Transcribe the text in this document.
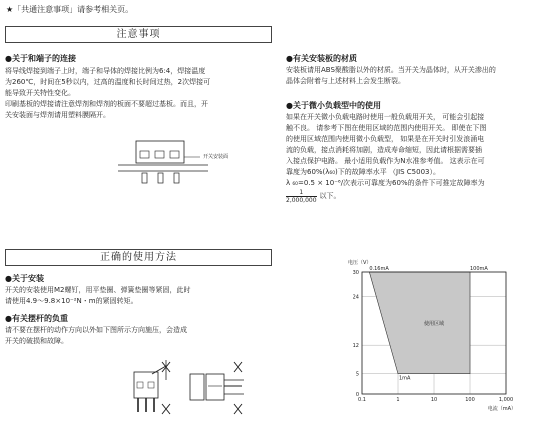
★「共通注意事项」请参考相关页。
注意事项
●关于和端子的连接
将导线焊接到端子上时，端子和导体的焊接比例为6:4，焊接温度
为260℃，时间在5秒以内，过高的温度和长时间过热，2次焊接可
能导致开关特性变化。
印刷基板的焊接请注意焊剂和焊剂的板面不要超过基板。而且，开
关安装面与焊剂请用塑料膜隔开。
开关安装面
正确的使用方法
●关于安装
开关的安装使用M2螺钉，用平垫圈、弹簧垫圈等紧固，此时
请使用4.9～9.8×10⁻²N・m的紧固转矩。
●有关摆杆的负重
请不要在摆杆的动作方向以外如下图所示方向施压，会造成
开关的破损和故障。
●有关安装板的材质
安装板请用ABS聚酸脂以外的材质。当开关为晶体时，从开关渗出的
晶体会附着与上述材料上会发生断裂。
●关于微小负载型中的使用
如果在开关微小负载电路时使用一般负载用开关， 可能会引起接
触不良。 请参考下图在使用区域的范围内使用开关。 即使在下图
的使用区域范围内使用微小负载型， 如果是在开关时引发浪涌电
流的负载，接点消耗将加剧，造成寿命缩短，因此请根据需要插
入接点保护电路。 最小适用负载作为N水准参考值。 这表示在可
靠度为60%(λ₆₀)下的故障率水平 （JIS C5003）。
λ ₆₀=0.5 × 10⁻⁶/次表示可靠度为60%的条件下可推定故障率为
$\frac{1}{2,000,000}$ 以下。
0.1	1	10	100	1,000
0
5
12
24
30
0.16mA	100mA
1mA
使用区域
电压（V）
电流（mA）
